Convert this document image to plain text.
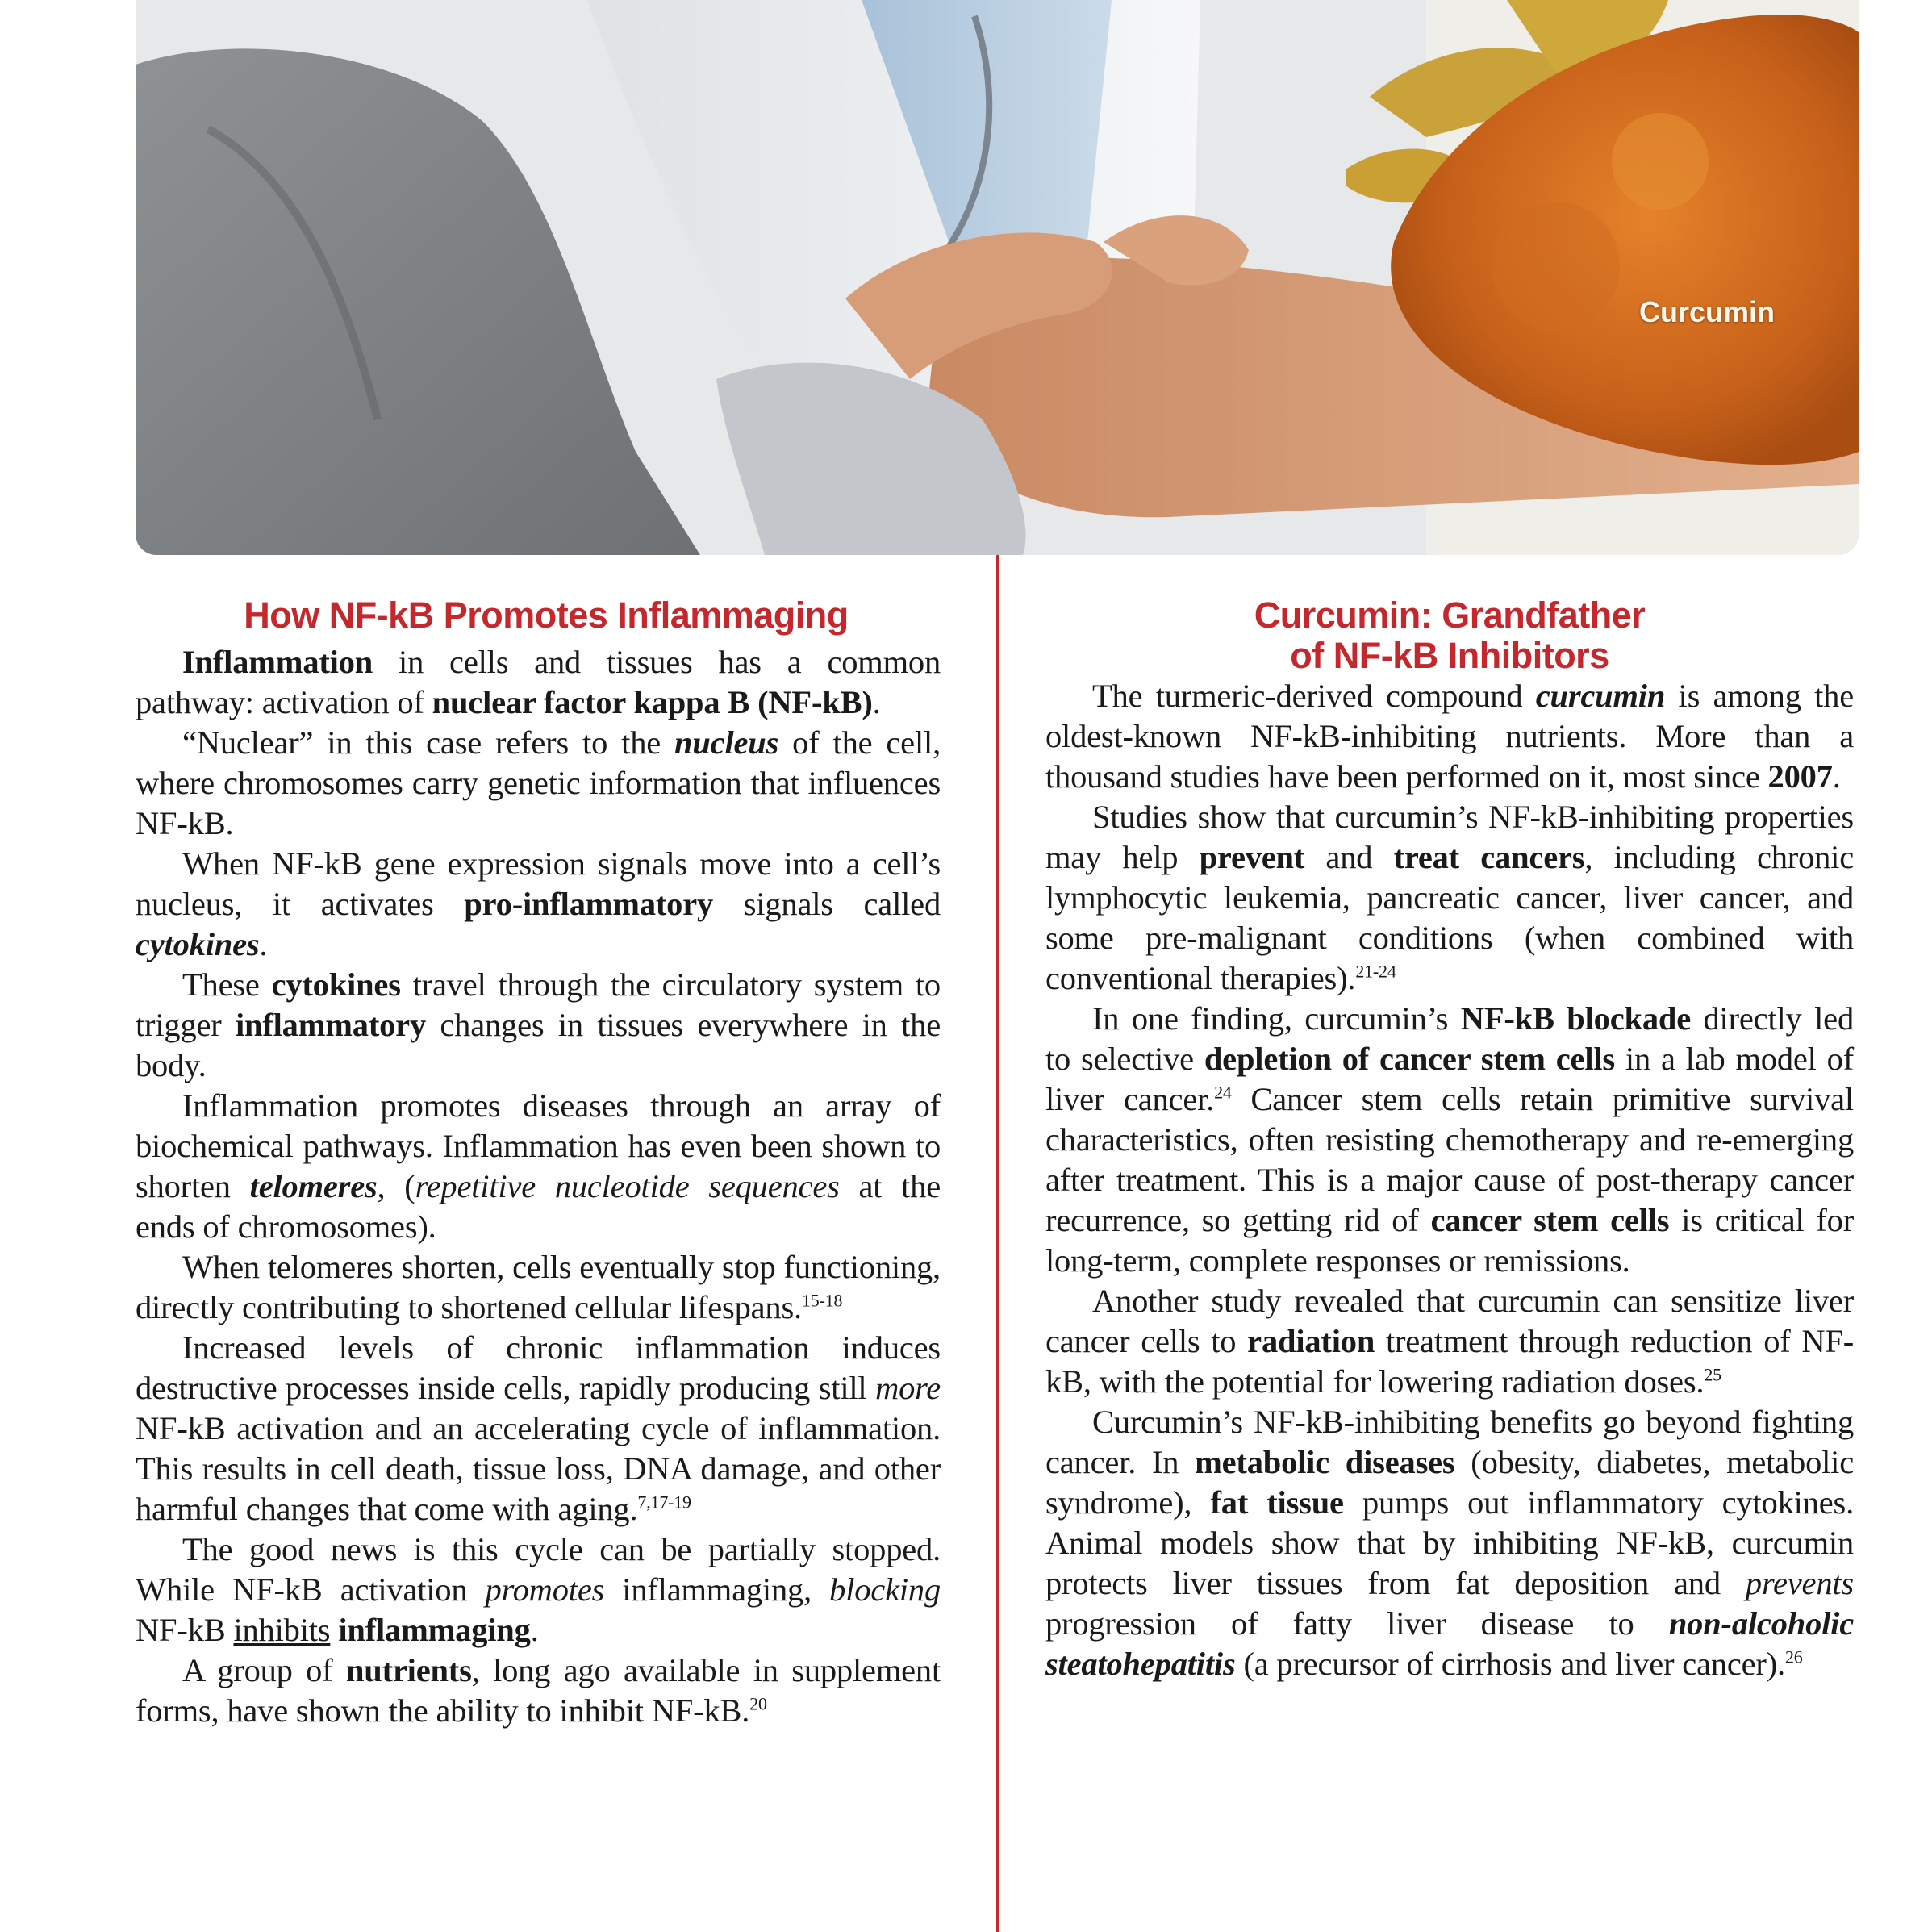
Curcumin
How NF-kB Promotes Inflammaging

Inflammation in cells and tissues has a common pathway: activation of nuclear factor kappa B (NF-kB).

“Nuclear” in this case refers to the nucleus of the cell, where chromosomes carry genetic information that influences NF-kB.

When NF-kB gene expression signals move into a cell’s nucleus, it activates pro-inflammatory signals called cytokines.

These cytokines travel through the circulatory system to trigger inflammatory changes in tissues everywhere in the body.

Inflammation promotes diseases through an array of biochemical pathways. Inflammation has even been shown to shorten telomeres, (repetitive nucleotide sequences at the ends of chromosomes).

When telomeres shorten, cells eventually stop functioning, directly contributing to shortened cellular lifespans.$^{15-18}$

Increased levels of chronic inflammation induces destructive processes inside cells, rapidly producing still more NF-kB activation and an accelerating cycle of inflammation. This results in cell death, tissue loss, DNA damage, and other harmful changes that come with aging.$^{7,17-19}$

The good news is this cycle can be partially stopped. While NF-kB activation promotes inflammaging, blocking NF-kB inhibits inflammaging.

A group of nutrients, long ago available in supplement forms, have shown the ability to inhibit NF-kB.$^{20}$

Curcumin: Grandfather
of NF-kB Inhibitors

The turmeric-derived compound curcumin is among the oldest-known NF-kB-inhibiting nutrients. More than a thousand studies have been performed on it, most since 2007.

Studies show that curcumin’s NF-kB-inhibiting properties may help prevent and treat cancers, including chronic lymphocytic leukemia, pancreatic cancer, liver cancer, and some pre-malignant conditions (when combined with conventional therapies).$^{21-24}$

In one finding, curcumin’s NF-kB blockade directly led to selective depletion of cancer stem cells in a lab model of liver cancer.$^{24}$ Cancer stem cells retain primitive survival characteristics, often resisting chemotherapy and re-emerging after treatment. This is a major cause of post-therapy cancer recurrence, so getting rid of cancer stem cells is critical for long-term, complete responses or remissions.

Another study revealed that curcumin can sensitize liver cancer cells to radiation treatment through reduction of NF-kB, with the potential for lowering radiation doses.$^{25}$

Curcumin’s NF-kB-inhibiting benefits go beyond fighting cancer. In metabolic diseases (obesity, diabetes, metabolic syndrome), fat tissue pumps out inflammatory cytokines. Animal models show that by inhibiting NF-kB, curcumin protects liver tissues from fat deposition and prevents progression of fatty liver disease to non-alcoholic steatohepatitis (a precursor of cirrhosis and liver cancer).$^{26}$
